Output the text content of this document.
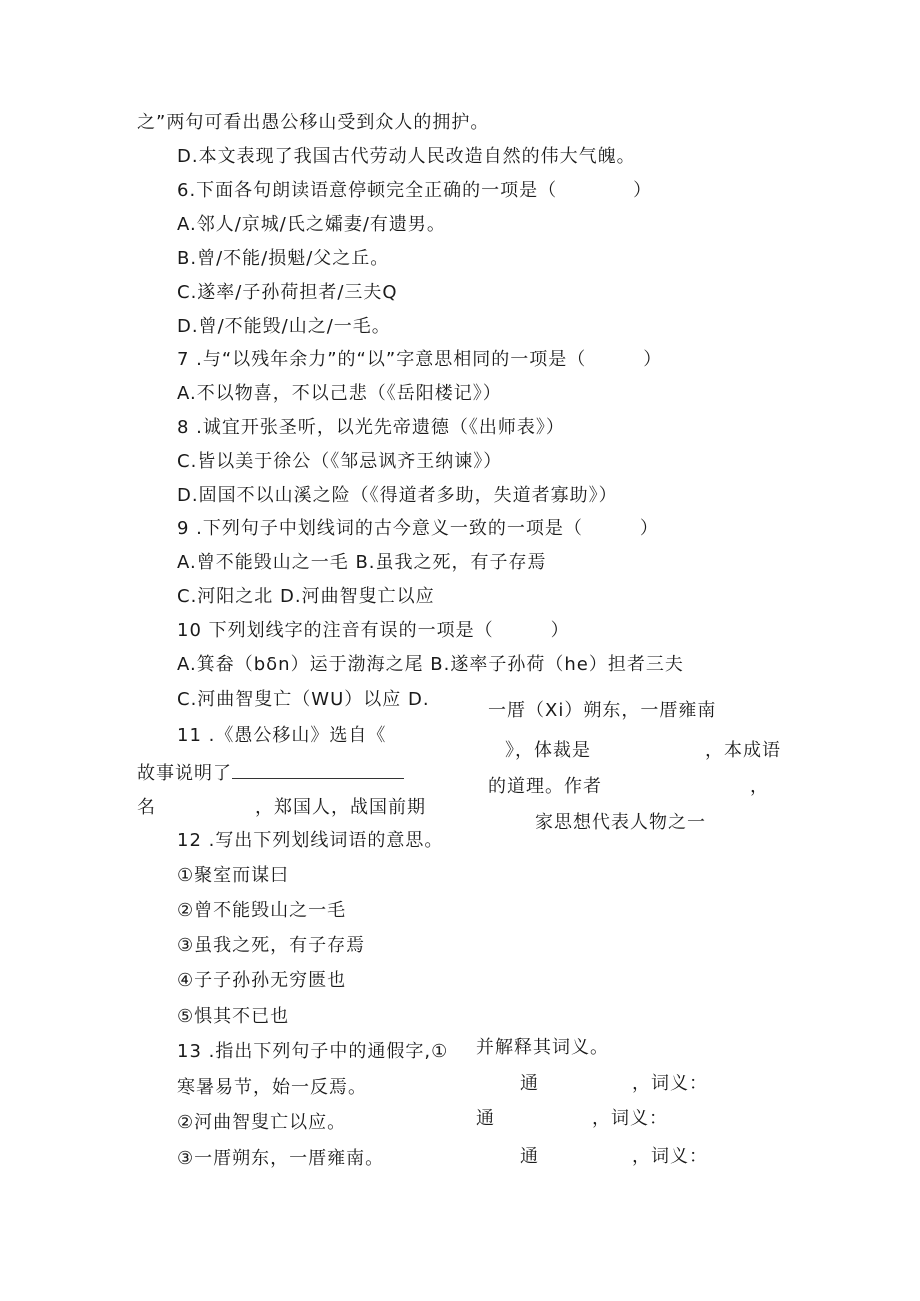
之”两句可看出愚公移山受到众人的拥护。
D.本文表现了我国古代劳动人民改造自然的伟大气魄。
6.下面各句朗读语意停顿完全正确的一项是（　　　　）
A.邻人/京城/氏之孀妻/有遗男。
B.曾/不能/损魁/父之丘。
C.遂率/子孙荷担者/三夫Q
D.曾/不能毁/山之/一毛。
7 .与“以残年余力”的“以”字意思相同的一项是（　　　）
A.不以物喜，不以己悲（《岳阳楼记》）
8 .诚宜开张圣听，以光先帝遗德（《出师表》）
C.皆以美于徐公（《邹忌讽齐王纳谏》）
D.固国不以山溪之险（《得道者多助，失道者寡助》）
9 .下列句子中划线词的古今意义一致的一项是（　　　）
A.曾不能毁山之一毛 B.虽我之死，有子存焉
C.河阳之北 D.河曲智叟亡以应
10 下列划线字的注音有误的一项是（　　　）
A.箕畚（bδn）运于渤海之尾 B.遂率子孙荷（he）担者三夫
C.河曲智叟亡（WU）以应 D.
一厝（Xi）朔东，一厝雍南
11 .《愚公移山》选自《
》，体裁是	，本成语
故事说明了
的道理。作者	，
名	，郑国人，战国前期
家思想代表人物之一
12 .写出下列划线词语的意思。
①聚室而谋曰
②曾不能毁山之一毛
③虽我之死，有子存焉
④子子孙孙无穷匮也
⑤惧其不已也
13 .指出下列句子中的通假字,① 并解释其词义。
寒暑易节，始一反焉。	通	，词义：
②河曲智叟亡以应。	通	，词义：
③一厝朔东，一厝雍南。	通	，词义：
